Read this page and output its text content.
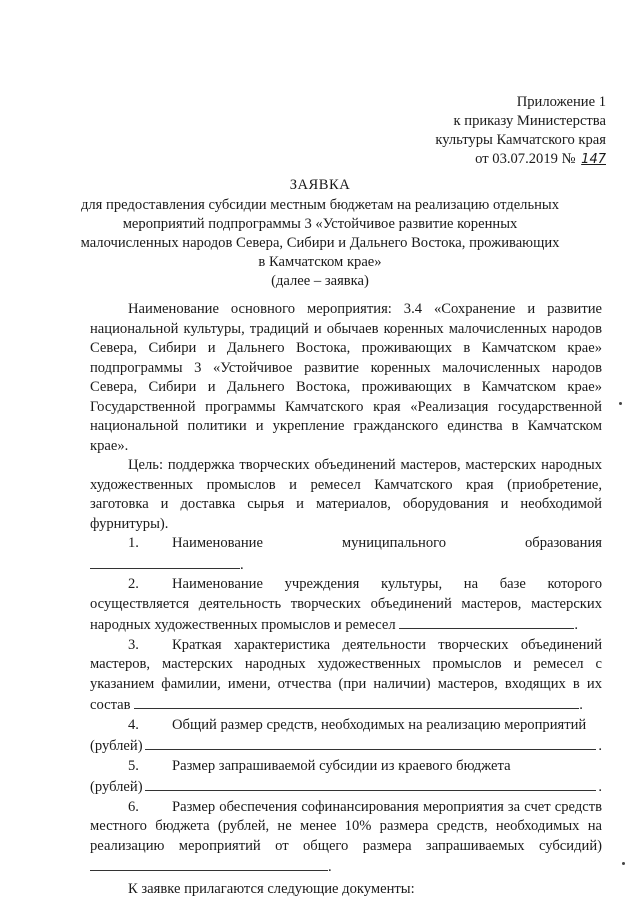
Приложение 1
к приказу Министерства
культуры Камчатского края
от 03.07.2019 № 147
ЗАЯВКА
для предоставления субсидии местным бюджетам на реализацию отдельных
мероприятий подпрограммы 3 «Устойчивое развитие коренных
малочисленных народов Севера, Сибири и Дальнего Востока, проживающих
в Камчатском крае»
(далее – заявка)

Наименование основного мероприятия: 3.4 «Сохранение и развитие национальной культуры, традиций и обычаев коренных малочисленных народов Севера, Сибири и Дальнего Востока, проживающих в Камчатском крае» подпрограммы 3 «Устойчивое развитие коренных малочисленных народов Севера, Сибири и Дальнего Востока, проживающих в Камчатском крае» Государственной программы Камчатского края «Реализация государственной национальной политики и укрепление гражданского единства в Камчатском крае».

Цель: поддержка творческих объединений мастеров, мастерских народных художественных промыслов и ремесел Камчатского края (приобретение, заготовка и доставка сырья и материалов, оборудования и необходимой фурнитуры).

1. Наименование муниципального образования .

2. Наименование учреждения культуры, на базе которого осуществляется деятельность творческих объединений мастеров, мастерских народных художественных промыслов и ремесел	.

3. Краткая характеристика деятельности творческих объединений мастеров, мастерских народных художественных промыслов и ремесел с указанием фамилии, имени, отчества (при наличии) мастеров, входящих в их состав	.

4. Общий размер средств, необходимых на реализацию мероприятий

(рублей)	.

5. Размер запрашиваемой субсидии из краевого бюджета

(рублей)	.

6. Размер обеспечения софинансирования мероприятия за счет средств местного бюджета (рублей, не менее 10% размера средств, необходимых на реализацию мероприятий от общего размера запрашиваемых субсидий) .

К заявке прилагаются следующие документы:
